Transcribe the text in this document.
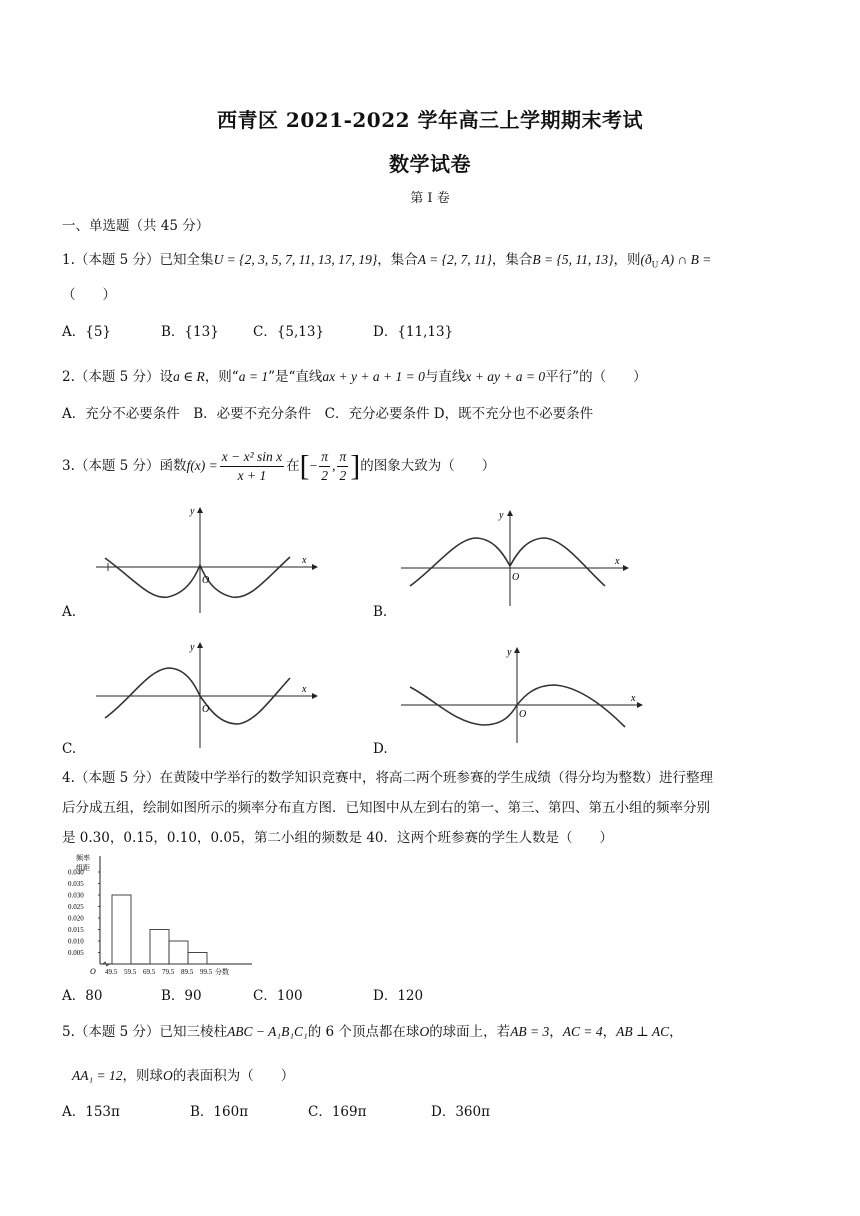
西青区 2021-2022 学年高三上学期期末考试
数学试卷
第 I 卷
一、单选题（共 45 分）
1.（本题 5 分）已知全集U = {2, 3, 5, 7, 11, 13, 17, 19}，集合A = {2, 7, 11}，集合B = {5, 11, 13}，则($ð_U$ A) ∩ B =
（　　）
A．{5}	B．{13}	C．{5,13}	D．{11,13}
2.（本题 5 分）设a ∈ R，则“a = 1”是“直线ax + y + a + 1 = 0与直线x + ay + a = 0平行”的（　　）
A．充分不必要条件　B．必要不充分条件　C．充分必要条件 D，既不充分也不必要条件
3.（本题 5 分）函数$f(x) = \frac{\text{x − x² sin x}}{x + 1}$ 在[− $\frac{\pi}{2}$ , $\frac{\pi}{2}$ ]的图象大致为（　　）
y
x
O
A.
y
x
O
B.
y
x
O
C.
y
x
O
D.
4.（本题 5 分）在黄陵中学举行的数学知识竞赛中，将高二两个班参赛的学生成绩（得分均为整数）进行整理
后分成五组，绘制如图所示的频率分布直方图．已知图中从左到右的第一、第三、第四、第五小组的频率分别
是 0.30，0.15，0.10，0.05，第二小组的频数是 40．这两个班参赛的学生人数是（　　）
频率
组距
0.040
0.035
0.030
0.025
0.020
0.015
0.010
0.005
O 49.5 59.5 69.5 79.5 89.5 99.5 分数
A．80	B．90	C．100	D．120
5.（本题 5 分）已知三棱柱ABC − A₁B₁C₁的 6 个顶点都在球O的球面上，若AB = 3，AC = 4，AB ⊥ AC，
AA₁ = 12，则球O的表面积为（　　）
A．153π	B．160π	C．169π	D．360π
